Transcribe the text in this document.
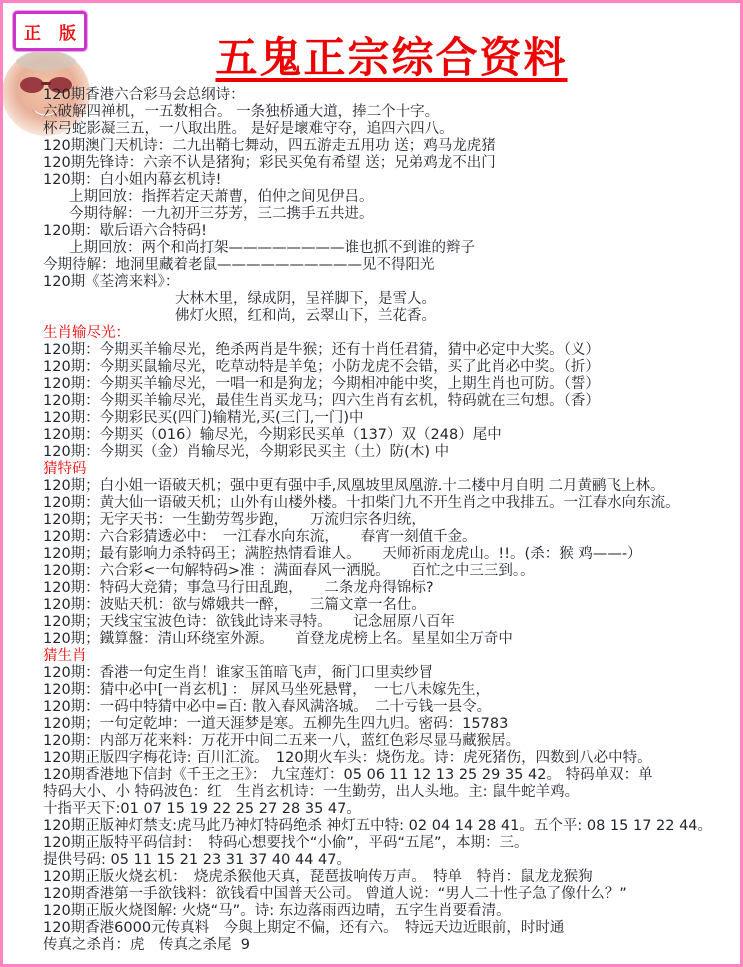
正 版	五鬼正宗综合资料
120期香港六合彩马会总纲诗：
六破解四禅机，一五数相合。 一条独桥通大道，捧二个十字。
杯弓蛇影凝三五，一八取出胜。 是好是壞难守夺，追四六四八。
120期澳门天机诗：二九出鞘七舞动，四五游走五用功 送；鸡马龙虎猪
120期先锋诗：六亲不认是猪狗；彩民买兔有希望 送；兄弟鸡龙不出门
120期：白小姐内幕玄机诗!
上期回放：指挥若定天萧曹，伯仲之间见伊吕。
今期待解：一九初开三芬芳，三二携手五共进。
120期：歇后语六合特码!
上期回放：两个和尚打架————————谁也抓不到谁的辫子
今期待解：地洞里藏着老鼠——————————见不得阳光
120期《荃湾来料》：
大林木里，绿成阴，呈祥脚下，是雪人。
佛灯火照，红和尚，云翠山下，兰花香。
生肖输尽光：
120期：今期买羊输尽光，绝杀两肖是牛猴；还有十肖任君猜，猜中必定中大奖。（义）
120期：今期买鼠输尽光，吃草动特是羊兔；小防龙虎不会错，买了此肖必中奖。（折）
120期：今期买羊输尽光，一唱一和是狗龙；今期相冲能中奖，上期生肖也可防。（誓）
120期：今期买羊输尽光，最佳生肖买龙马；四六生肖有玄机，特码就在三句想。（香）
120期：今期彩民买(四门)输精光,买(三门,一门)中
120期：今期买（016）输尽光，今期彩民买单（137）双（248）尾中
120期：今期买（金）肖输尽光，今期彩民买主（土）防(木) 中
猜特码
120期；白小姐一语破天机；强中更有强中手,凤凰坡里凤凰游.十二楼中月自明 二月黄鹂飞上林。
120期：黄大仙一语破天机；山外有山楼外楼。十扣柴门九不开生肖之中我排五。一江春水向东流。
120期；无字天书：一生勤劳驾步跑，　　万流归宗各归统，
120期：六合彩猜透必中：　一江春水向东流，　　春宵一刻值千金。
120期；最有影响力杀特码王；满腔热情看谁人。　　天师祈雨龙虎山。!!。(杀：猴 鸡——-）
120期：六合彩<一句解特码>准 ：满面春风一洒脱。　　百忙之中三三到。。
120期：特码大竞猜；事急马行田乱跑，　　二条龙舟得锦标?
120期：波贴天机：欲与嫦娥共一醉，　　三篇文章一名仕。
120期；天线宝宝波色诗：欲钱此诗来寻特。　　记念屈原八百年
120期；鐵算盤：清山环绕室外源。　　首登龙虎榜上名。星星如尘万奇中
猜生肖
120期：香港一句定生肖！谁家玉笛暗飞声，衙门口里卖纱冒
120期：猜中必中[一肖玄机] ： 屏风马坐死悬臂，　一七八未嫁先生，
120期：一码中特猜中必中=百: 散入春风满洛城。　二十亏钱一县令。
120期；一句定乾坤：一道天涯梦是寒。五柳先生四九归。密码：15783
120期：内部万花来料：万花开中间二五来一八，蓝红色彩尽显马藏猴居。
120期正版四字梅花诗: 百川汇流。　120期火车头：烧伤龙。诗：虎死猪伤，四数到八必中特。
120期香港地下信封《千王之王》： 九宝莲灯：05 06 11 12 13 25 29 35 42。 特码单双：单
特码大小、小 特码波色：红　生肖玄机诗：一生勤劳，出人头地。主: 鼠牛蛇羊鸡。
十指平天下:01 07 15 19 22 25 27 28 35 47。
120期正版神灯禁支:虎马此乃神灯特码绝杀 神灯五中特: 02 04 14 28 41。五个平: 08 15 17 22 44。
120期正版特平码信封：　特码心想要找个“小偷”，平码“五尾”，本期：三。
提供号码: 05 11 15 21 23 31 37 40 44 47。
120期正版火烧玄机：　烧虎杀猴他天真，琵琶拔响传万声。　特单　特肖：鼠龙龙猴狗
120期香港第一手欲钱料：欲钱看中国普天公司。 曾道人说：“男人二十性子急了像什么？”
120期正版火烧图解: 火烧“马”。诗: 东边落雨西边晴，五字生肖要看清。
120期香港6000元传真料　今與上期定不偏，还有六。　特远天边近眼前，时时通
传真之杀肖：虎　传真之杀尾  9
